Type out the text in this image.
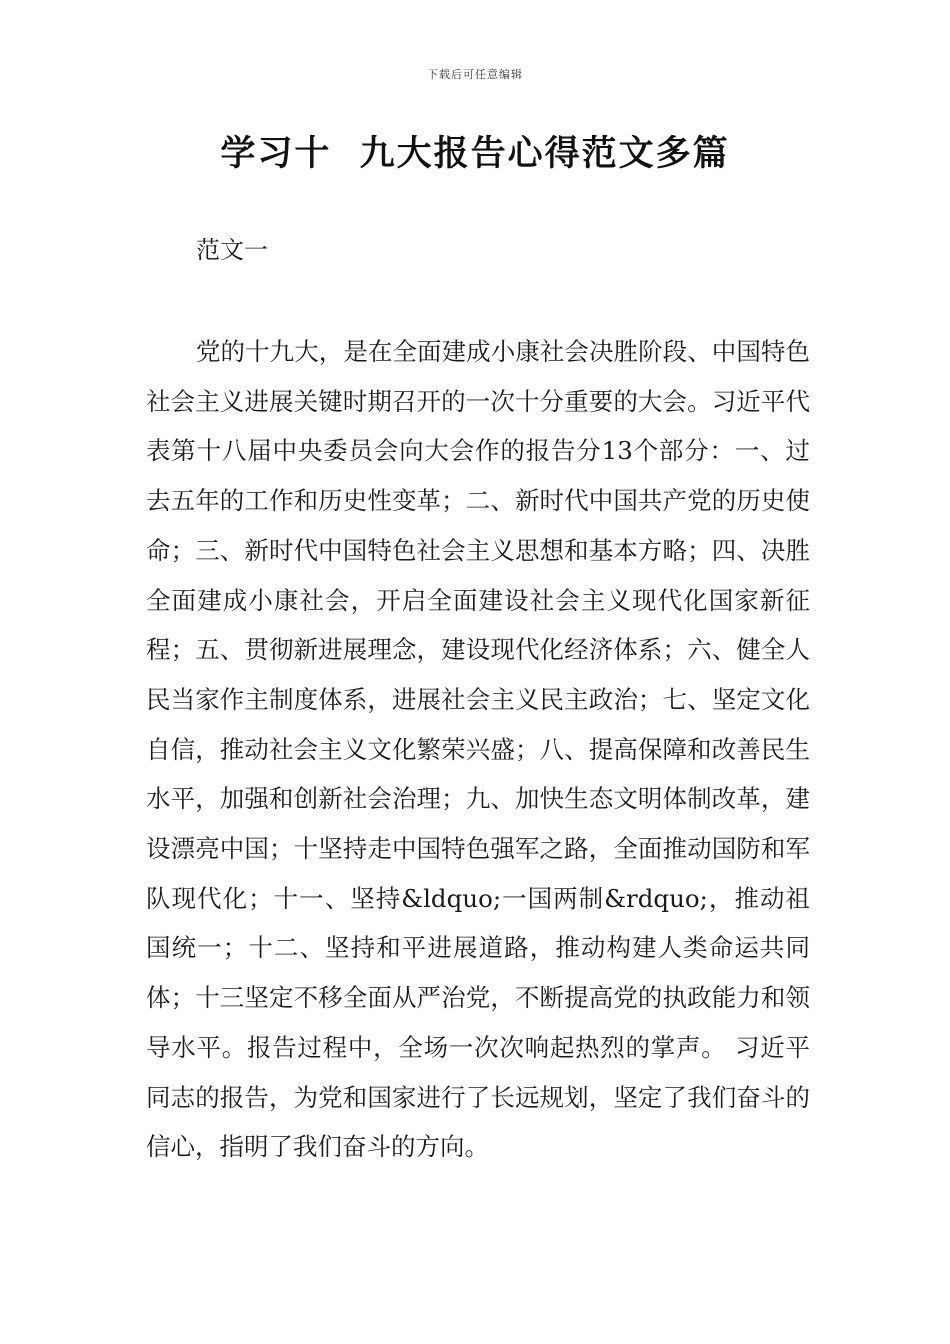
下载后可任意编辑
学习十  九大报告心得范文多篇
范文一

党的十九大，是在全面建成小康社会决胜阶段、中国特色社会主义进展关键时期召开的一次十分重要的大会。习近平代表第十八届中央委员会向大会作的报告分13个部分：一、过去五年的工作和历史性变革；二、新时代中国共产党的历史使命；三、新时代中国特色社会主义思想和基本方略；四、决胜全面建成小康社会，开启全面建设社会主义现代化国家新征程；五、贯彻新进展理念，建设现代化经济体系；六、健全人民当家作主制度体系，进展社会主义民主政治；七、坚定文化自信，推动社会主义文化繁荣兴盛；八、提高保障和改善民生水平，加强和创新社会治理；九、加快生态文明体制改革，建设漂亮中国；十坚持走中国特色强军之路，全面推动国防和军队现代化；十一、坚持&ldquo;一国两制&rdquo;，推动祖国统一；十二、坚持和平进展道路，推动构建人类命运共同体；十三坚定不移全面从严治党，不断提高党的执政能力和领导水平。报告过程中，全场一次次响起热烈的掌声。 习近平同志的报告，为党和国家进行了长远规划，坚定了我们奋斗的信心，指明了我们奋斗的方向。
